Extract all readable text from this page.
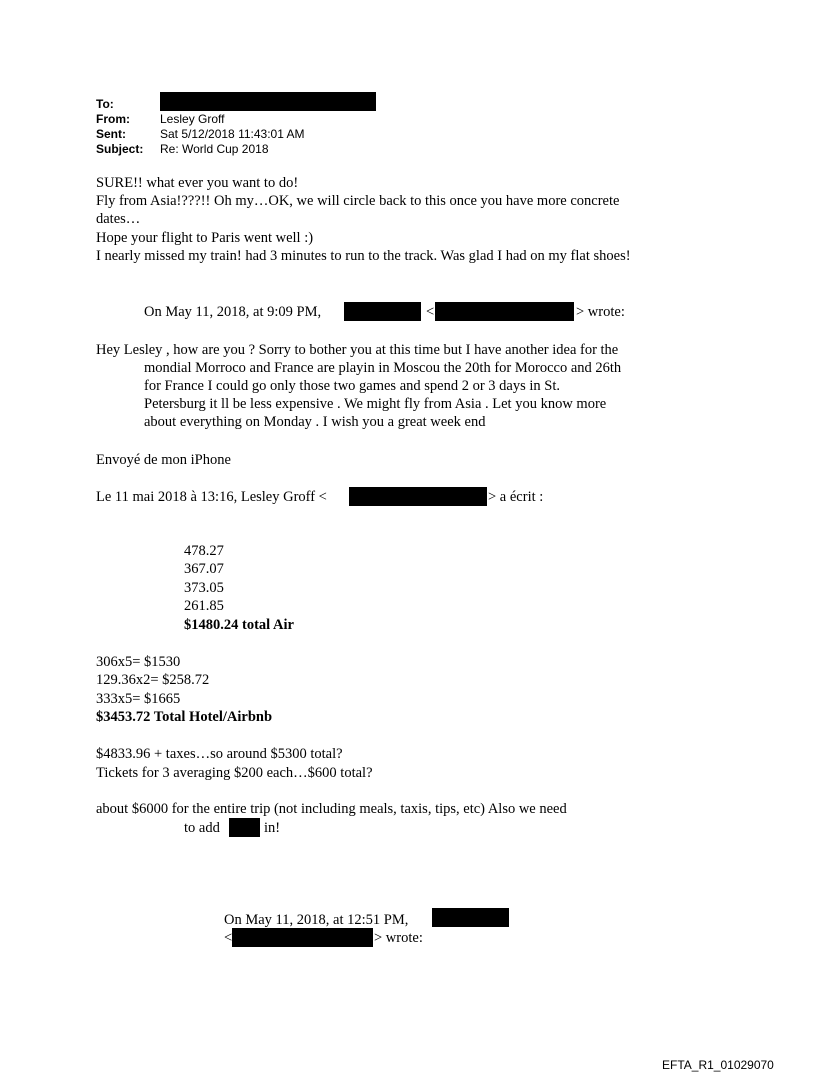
To:
From:	Lesley Groff
Sent:	Sat 5/12/2018 11:43:01 AM
Subject: Re: World Cup 2018
SURE!! what ever you want to do!
Fly from Asia!???!! Oh my…OK, we will circle back to this once you have more concrete
dates…
Hope your flight to Paris went well :)
I nearly missed my train! had 3 minutes to run to the track. Was glad I had on my flat shoes!
On May 11, 2018, at 9:09 PM,	<	> wrote:
Hey Lesley , how are you ? Sorry to bother you at this time but I have another idea for the
mondial Morroco and France are playin in Moscou the 20th for Morocco and 26th
for France I could go only those two games and spend 2 or 3 days in St.
Petersburg it ll be less expensive . We might fly from Asia . Let you know more
about everything on Monday . I wish you a great week end
Envoyé de mon iPhone
Le 11 mai 2018 à 13:16, Lesley Groff <	> a écrit :
478.27
367.07
373.05
261.85
$1480.24 total Air
306x5= $1530
129.36x2= $258.72
333x5= $1665
$3453.72 Total Hotel/Airbnb
$4833.96 + taxes…so around $5300 total?
Tickets for 3 averaging $200 each…$600 total?
about $6000 for the entire trip (not including meals, taxis, tips, etc) Also we need
to add	in!
On May 11, 2018, at 12:51 PM,
<	> wrote:
EFTA_R1_01029070
